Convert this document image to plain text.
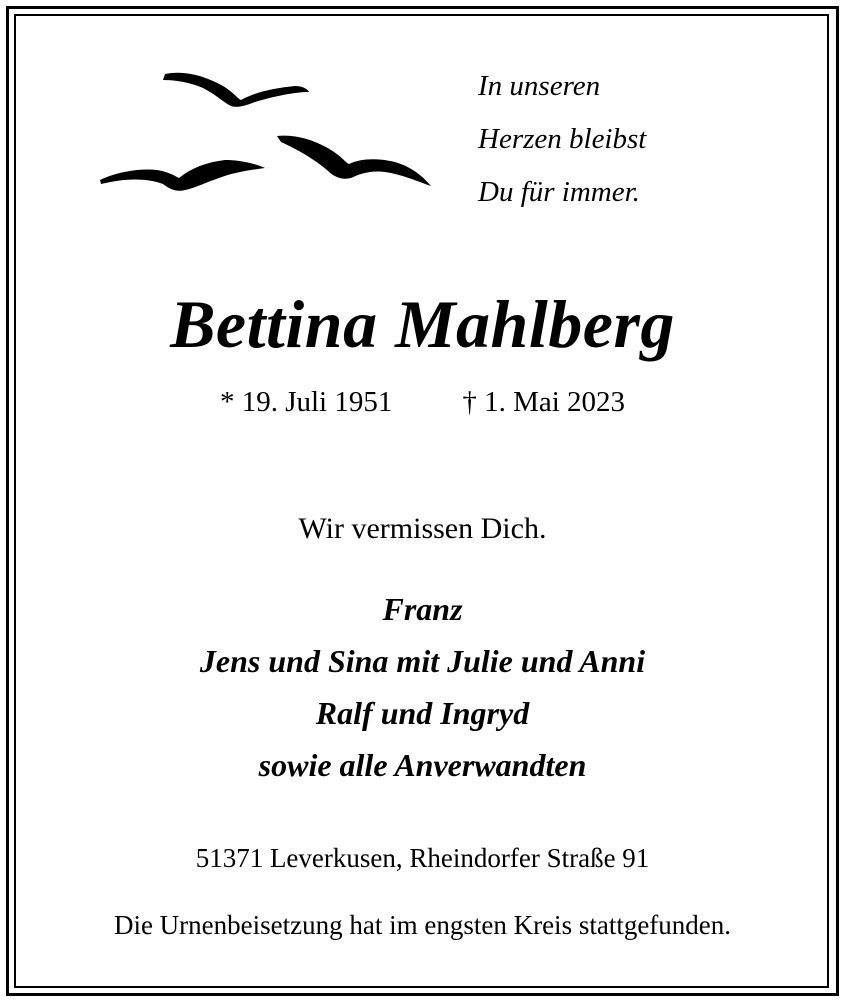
In unseren
Herzen bleibst
Du für immer.
Bettina Mahlberg
* 19. Juli 1951 † 1. Mai 2023
Wir vermissen Dich.
Franz
Jens und Sina mit Julie und Anni
Ralf und Ingryd
sowie alle Anverwandten
51371 Leverkusen, Rheindorfer Straße 91
Die Urnenbeisetzung hat im engsten Kreis stattgefunden.
